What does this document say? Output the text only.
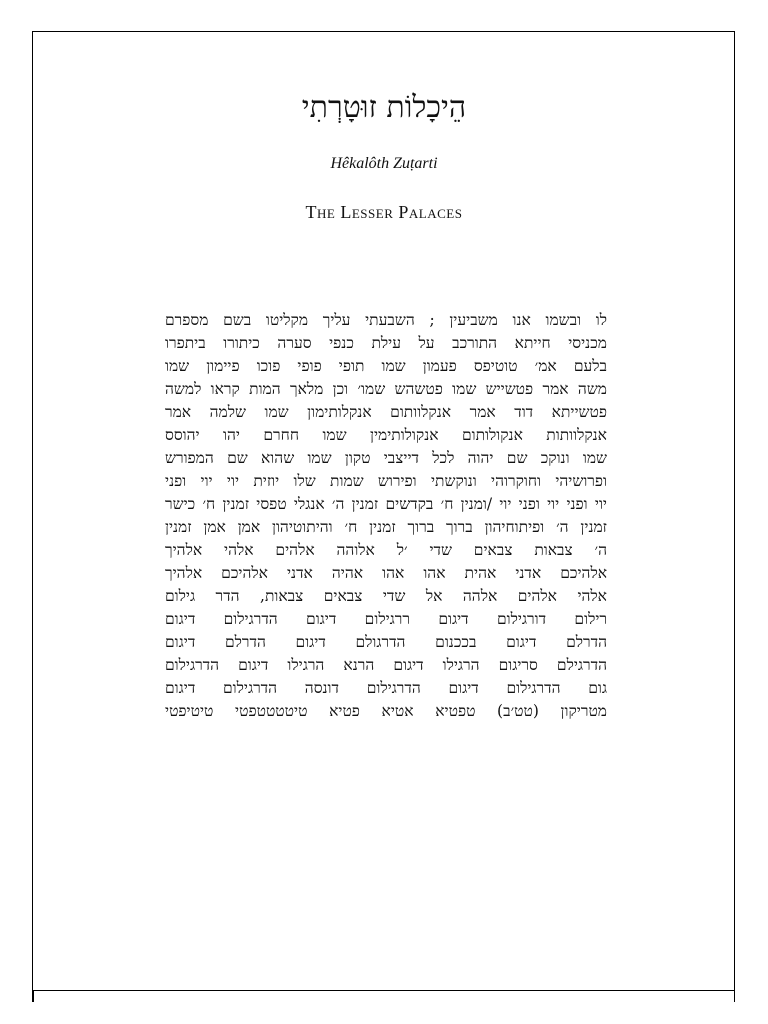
הֵיכָלוֹת זוּטָרְתִי
Hêkalôth Zuṭarti
The Lesser Palaces
לו ובשמו אנו משביעין ; השבעתי עליך מקליטו בשם מספרם
מכניסי חייתא התורכב על עילת כנפי סערה כיתורו ביתפרו
בלעם אמ׳ טוטיפס פעמון שמו תופי פופי פוכו פיימון שמו
משה אמר פטשייש שמו פטשהש שמו׳ וכן מלאך המות קראו למשה
פטשייתא דוד אמר אנקלוותום אנקלותימון שמו שלמה אמר
אנקלוותות אנקולותום אנקולותימין שמו חחרם יהו יהוסס
שמו ונוקכ שם יהוה לכל דייצבי טקון שמו שהוא שם המפורש
ופרושיהי וחוקרוהי ונוקשתי ופירוש שמות שלו יוזית יוי יוי ופני
יוי ופני יוי ופני יוי /ומנין ח׳ בקדשים זמנין ה׳ אנגלי טפסי זמנין ח׳ כישר
זמנין ה׳ ופיתוחיהון ברוך ברוך זמנין ח׳ והיתוטיהון אמן אמן זמנין
ה׳ צבאות צבאים שדי ׳ל אלוהה אלהים אלהי אלהיך
אלהיכם אדני אהית אהו אהו אהיה אדני אלהיכם אלהיך
אלהי אלהים אלהה אל שדי צבאים צבאות, הדר גילום
רילום דורגילום דיגום ררגילום דיגום הדרגילום דיגום
הדרלם דיגום בככנום הדרגולם דיגום הדרלם דיגום
הדרגילם סריגום הרגילו דיגום הרנא הרגילו דיגום הדרגילום
גום הדרגילום דיגום הדרגילום דונסה הדרגילום דיגום
מטריקון (טט׳ב) טפטיא אטיא פטיא טיטטטטפטי טיטיפטי
